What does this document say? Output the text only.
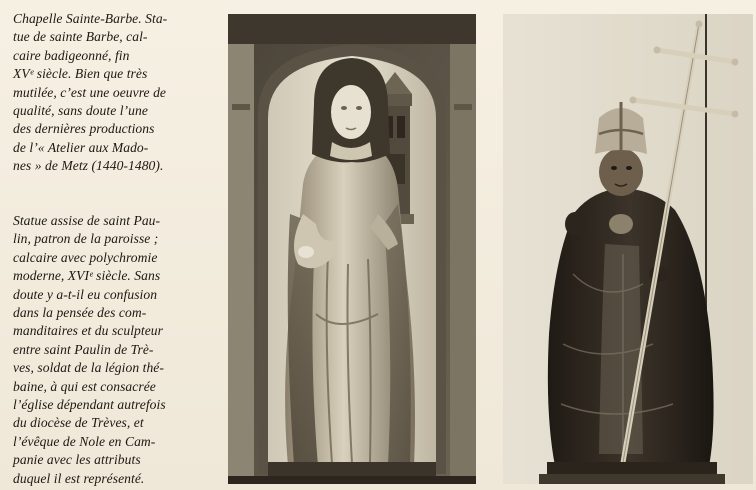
Chapelle Sainte-Barbe. Sta-
tue de sainte Barbe, cal-
caire badigeonné, fin
XVᵉ siècle. Bien que très
mutilée, c’est une oeuvre de
qualité, sans doute l’une
des dernières productions
de l’« Atelier aux Mado-
nes » de Metz (1440-1480).
Statue assise de saint Pau-
lin, patron de la paroisse ;
calcaire avec polychromie
moderne, XVIᵉ siècle. Sans
doute y a-t-il eu confusion
dans la pensée des com-
manditaires et du sculpteur
entre saint Paulin de Trè-
ves, soldat de la légion thé-
baine, à qui est consacrée
l’église dépendant autrefois
du diocèse de Trèves, et
l’évêque de Nole en Cam-
panie avec les attributs
duquel il est représenté.
